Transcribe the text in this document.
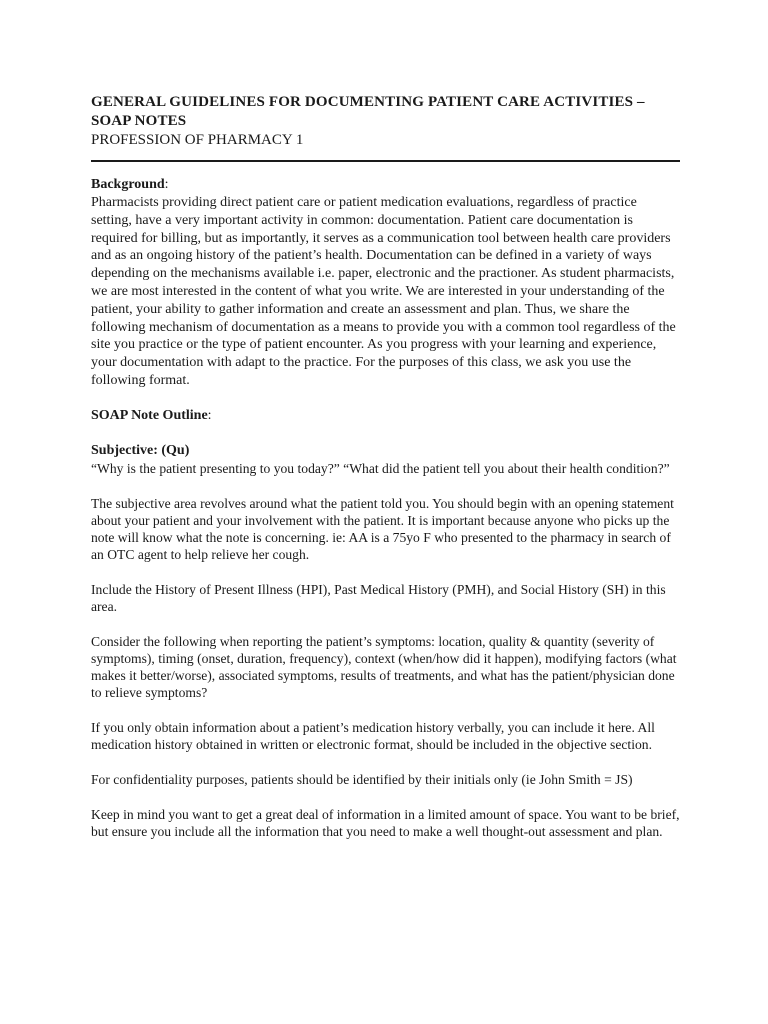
GENERAL GUIDELINES FOR DOCUMENTING PATIENT CARE ACTIVITIES – SOAP NOTES

PROFESSION OF PHARMACY 1

Background:

Pharmacists providing direct patient care or patient medication evaluations, regardless of practice setting, have a very important activity in common: documentation. Patient care documentation is required for billing, but as importantly, it serves as a communication tool between health care providers and as an ongoing history of the patient’s health. Documentation can be defined in a variety of ways depending on the mechanisms available i.e. paper, electronic and the practioner. As student pharmacists, we are most interested in the content of what you write. We are interested in your understanding of the patient, your ability to gather information and create an assessment and plan. Thus, we share the following mechanism of documentation as a means to provide you with a common tool regardless of the site you practice or the type of patient encounter. As you progress with your learning and experience, your documentation with adapt to the practice. For the purposes of this class, we ask you use the following format.

SOAP Note Outline:

Subjective: (Qu)

“Why is the patient presenting to you today?” “What did the patient tell you about their health condition?”

The subjective area revolves around what the patient told you. You should begin with an opening statement about your patient and your involvement with the patient. It is important because anyone who picks up the note will know what the note is concerning. ie: AA is a 75yo F who presented to the pharmacy in search of an OTC agent to help relieve her cough.

Include the History of Present Illness (HPI), Past Medical History (PMH), and Social History (SH) in this area.

Consider the following when reporting the patient’s symptoms: location, quality & quantity (severity of symptoms), timing (onset, duration, frequency), context (when/how did it happen), modifying factors (what makes it better/worse), associated symptoms, results of treatments, and what has the patient/physician done to relieve symptoms?

If you only obtain information about a patient’s medication history verbally, you can include it here. All medication history obtained in written or electronic format, should be included in the objective section.

For confidentiality purposes, patients should be identified by their initials only (ie John Smith = JS)

Keep in mind you want to get a great deal of information in a limited amount of space. You want to be brief, but ensure you include all the information that you need to make a well thought-out assessment and plan.
